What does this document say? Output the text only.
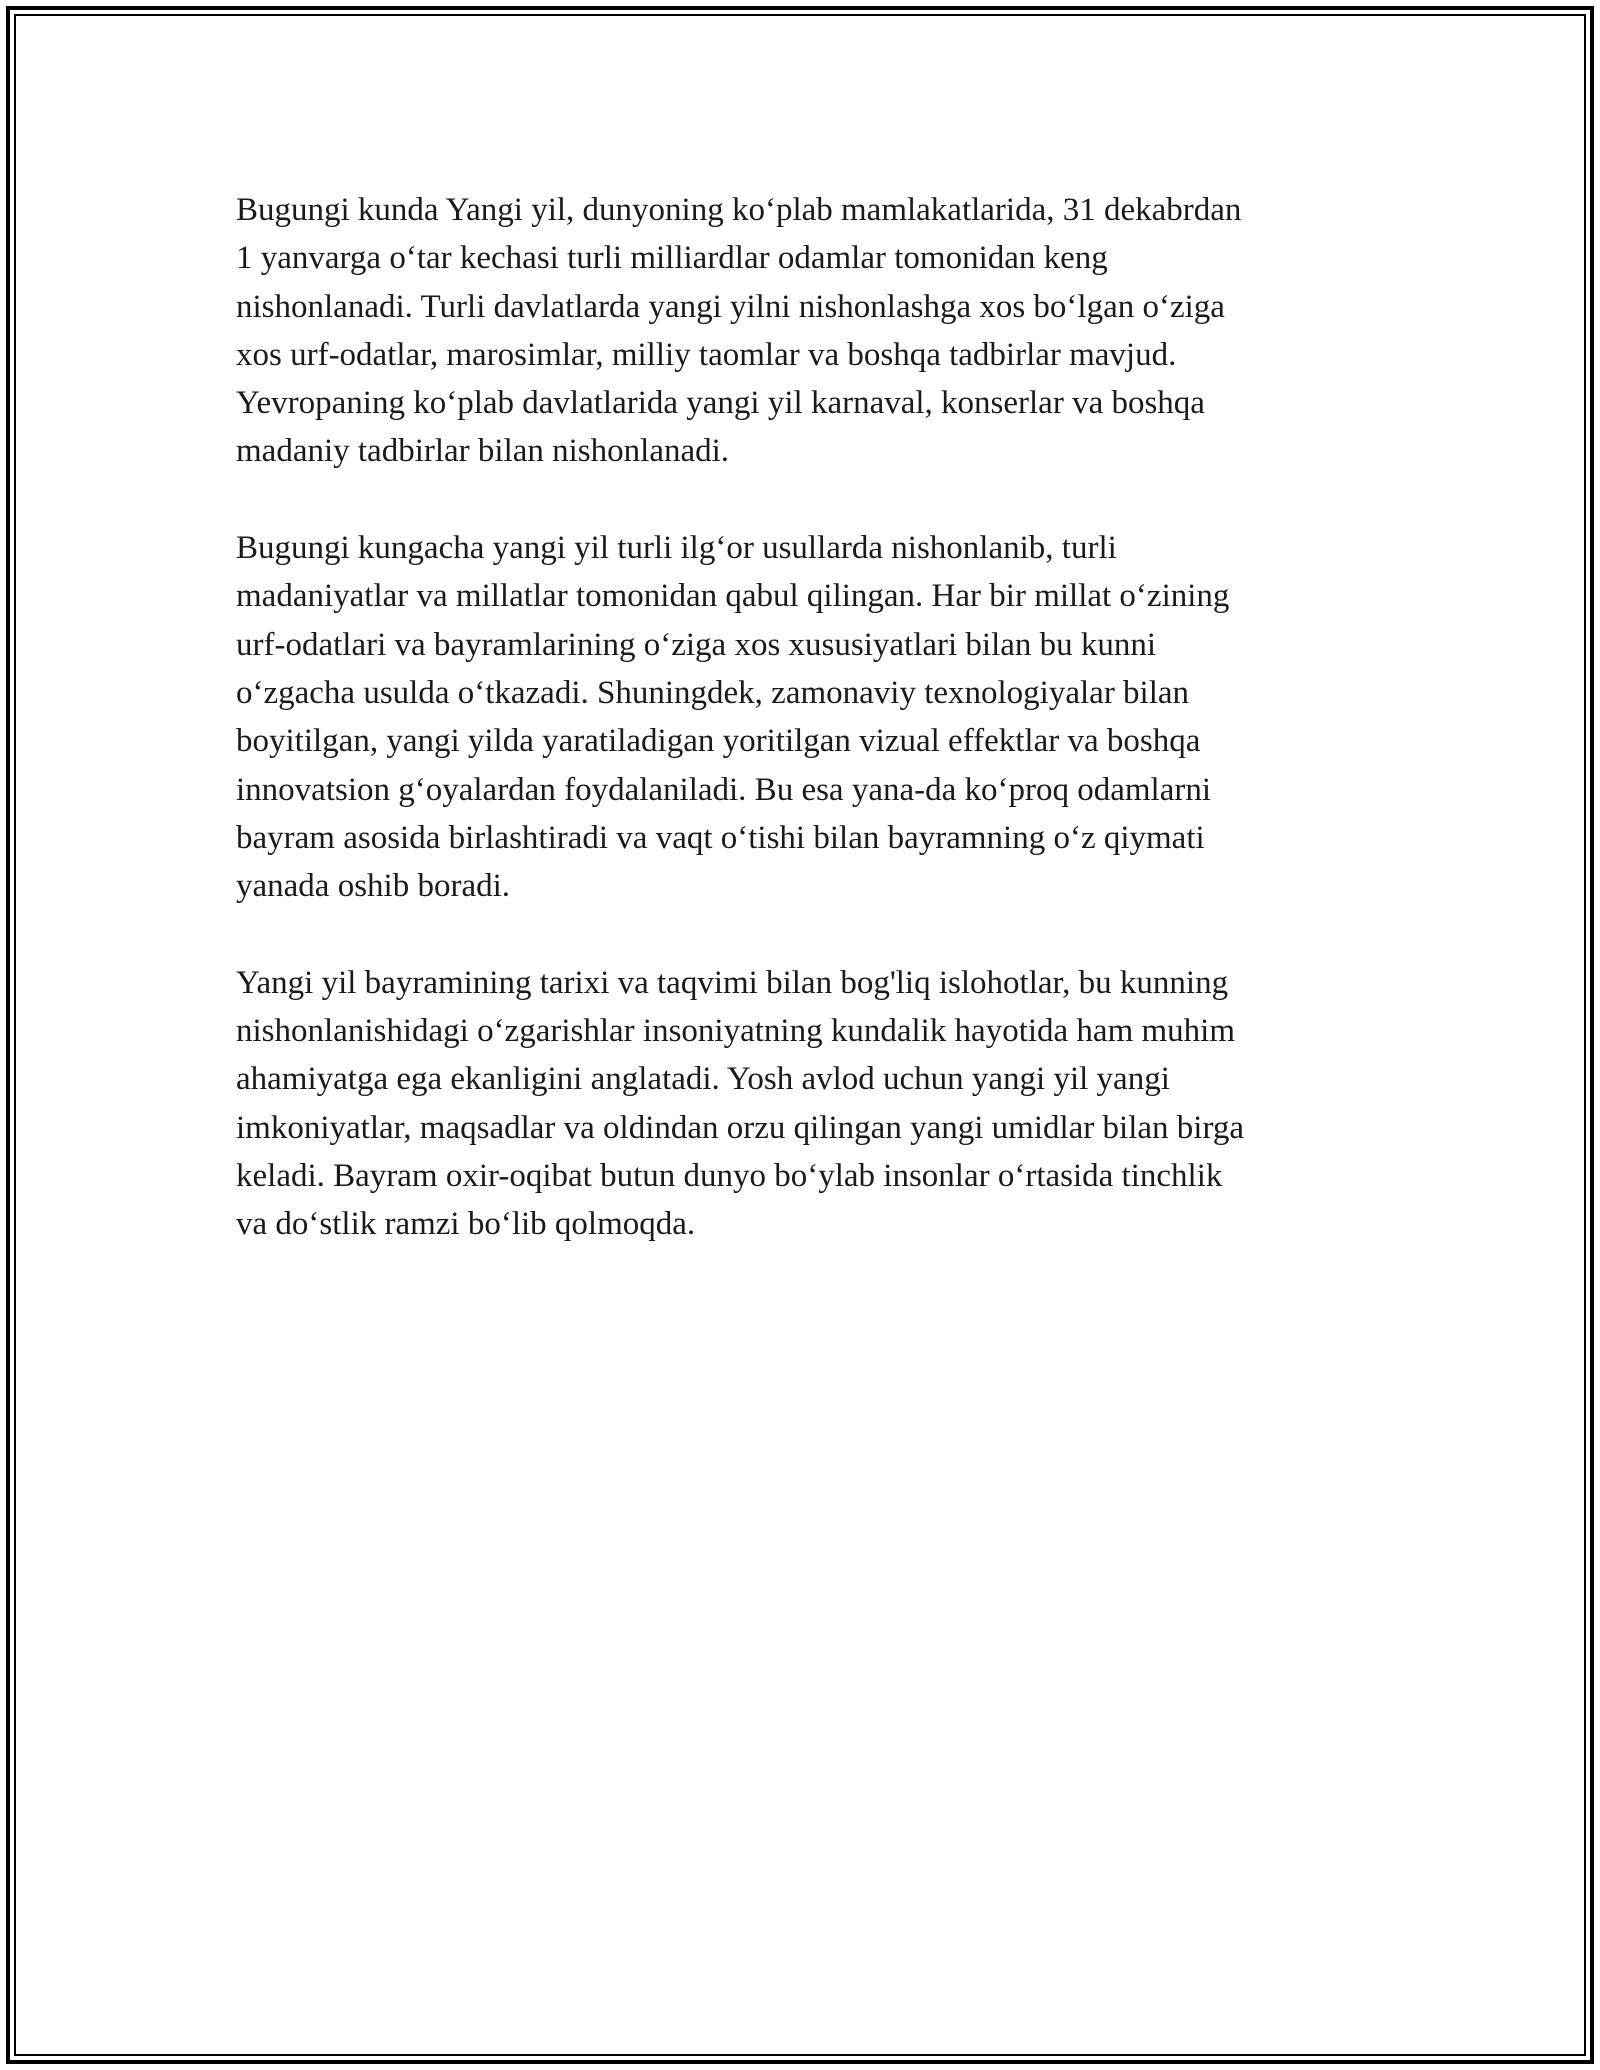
Bugungi kunda Yangi yil, dunyoning ko‘plab mamlakatlarida, 31 dekabrdan
1 yanvarga o‘tar kechasi turli milliardlar odamlar tomonidan keng
nishonlanadi. Turli davlatlarda yangi yilni nishonlashga xos bo‘lgan o‘ziga
xos urf-odatlar, marosimlar, milliy taomlar va boshqa tadbirlar mavjud.
Yevropaning ko‘plab davlatlarida yangi yil karnaval, konserlar va boshqa
madaniy tadbirlar bilan nishonlanadi.

Bugungi kungacha yangi yil turli ilg‘or usullarda nishonlanib, turli
madaniyatlar va millatlar tomonidan qabul qilingan. Har bir millat o‘zining
urf-odatlari va bayramlarining o‘ziga xos xususiyatlari bilan bu kunni
o‘zgacha usulda o‘tkazadi. Shuningdek, zamonaviy texnologiyalar bilan
boyitilgan, yangi yilda yaratiladigan yoritilgan vizual effektlar va boshqa
innovatsion g‘oyalardan foydalaniladi. Bu esa yana-da ko‘proq odamlarni
bayram asosida birlashtiradi va vaqt o‘tishi bilan bayramning o‘z qiymati
yanada oshib boradi.

Yangi yil bayramining tarixi va taqvimi bilan bog'liq islohotlar, bu kunning
nishonlanishidagi o‘zgarishlar insoniyatning kundalik hayotida ham muhim
ahamiyatga ega ekanligini anglatadi. Yosh avlod uchun yangi yil yangi
imkoniyatlar, maqsadlar va oldindan orzu qilingan yangi umidlar bilan birga
keladi. Bayram oxir-oqibat butun dunyo bo‘ylab insonlar o‘rtasida tinchlik
va do‘stlik ramzi bo‘lib qolmoqda.
